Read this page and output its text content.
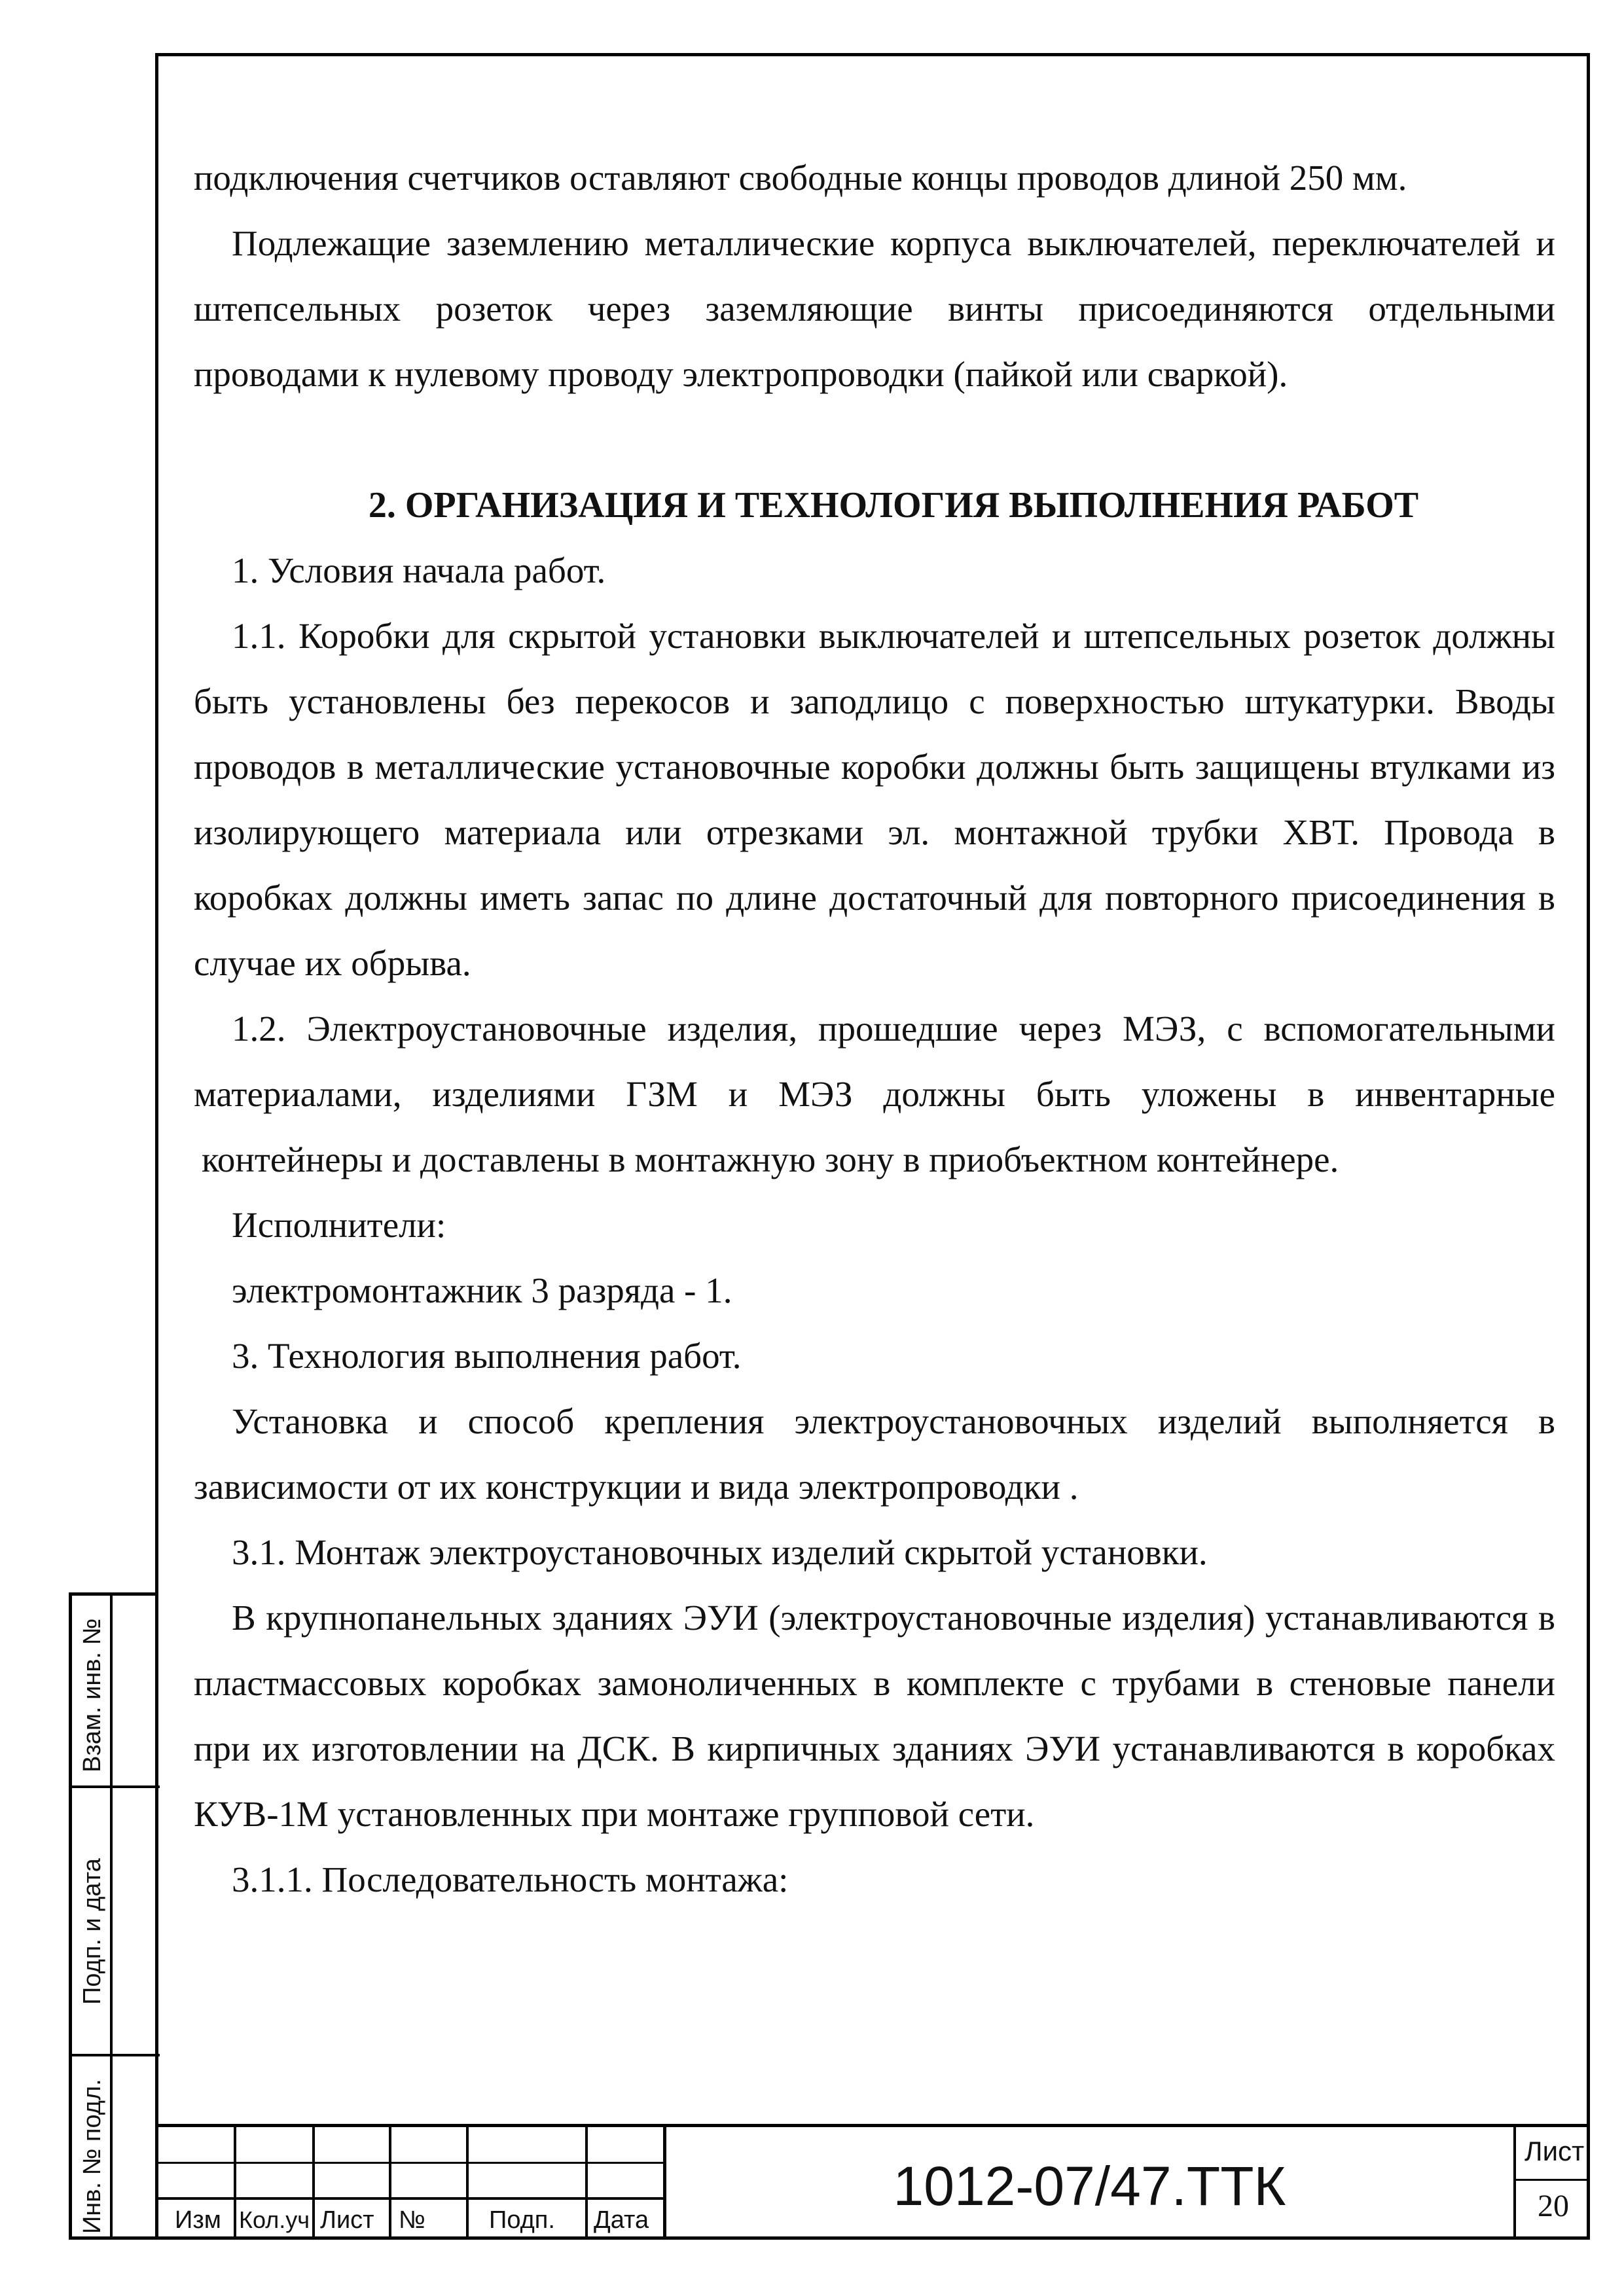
подключения счетчиков оставляют свободные концы проводов длиной 250 мм.

Подлежащие заземлению металлические корпуса выключателей, переключателей и штепсельных розеток через заземляющие винты присоединяются отдельными проводами к нулевому проводу электропроводки (пайкой или сваркой).

2. ОРГАНИЗАЦИЯ И ТЕХНОЛОГИЯ ВЫПОЛНЕНИЯ РАБОТ

1. Условия начала работ.

1.1. Коробки для скрытой установки выключателей и штепсельных розеток должны быть установлены без перекосов и заподлицо с поверхностью штукатурки. Вводы проводов в металлические установочные коробки должны быть защищены втулками из изолирующего материала или отрезками эл. монтажной трубки ХВТ. Провода в коробках должны иметь запас по длине достаточный для повторного присоединения в случае их обрыва.

1.2. Электроустановочные изделия, прошедшие через МЭЗ, с вспомогательными материалами, изделиями ГЗМ и МЭЗ должны быть уложены в инвентарные

контейнеры и доставлены в монтажную зону в приобъектном контейнере.

Исполнители:

электромонтажник 3 разряда - 1.

3. Технология выполнения работ.

Установка и способ крепления электроустановочных изделий выполняется в зависимости от их конструкции и вида электропроводки .

3.1. Монтаж электроустановочных изделий скрытой установки.

В крупнопанельных зданиях ЭУИ (электроустановочные изделия) устанавливаются в пластмассовых коробках замоноличенных в комплекте с трубами в стеновые панели при их изготовлении на ДСК. В кирпичных зданиях ЭУИ устанавливаются в коробках КУВ-1М установленных при монтаже групповой сети.

3.1.1. Последовательность монтажа:

Взам. инв. №
Подп. и дата
Инв. № подл.	Изм Кол.уч Лист №	Подп. Дата
1012-07/47.ТТК
Лист
20
